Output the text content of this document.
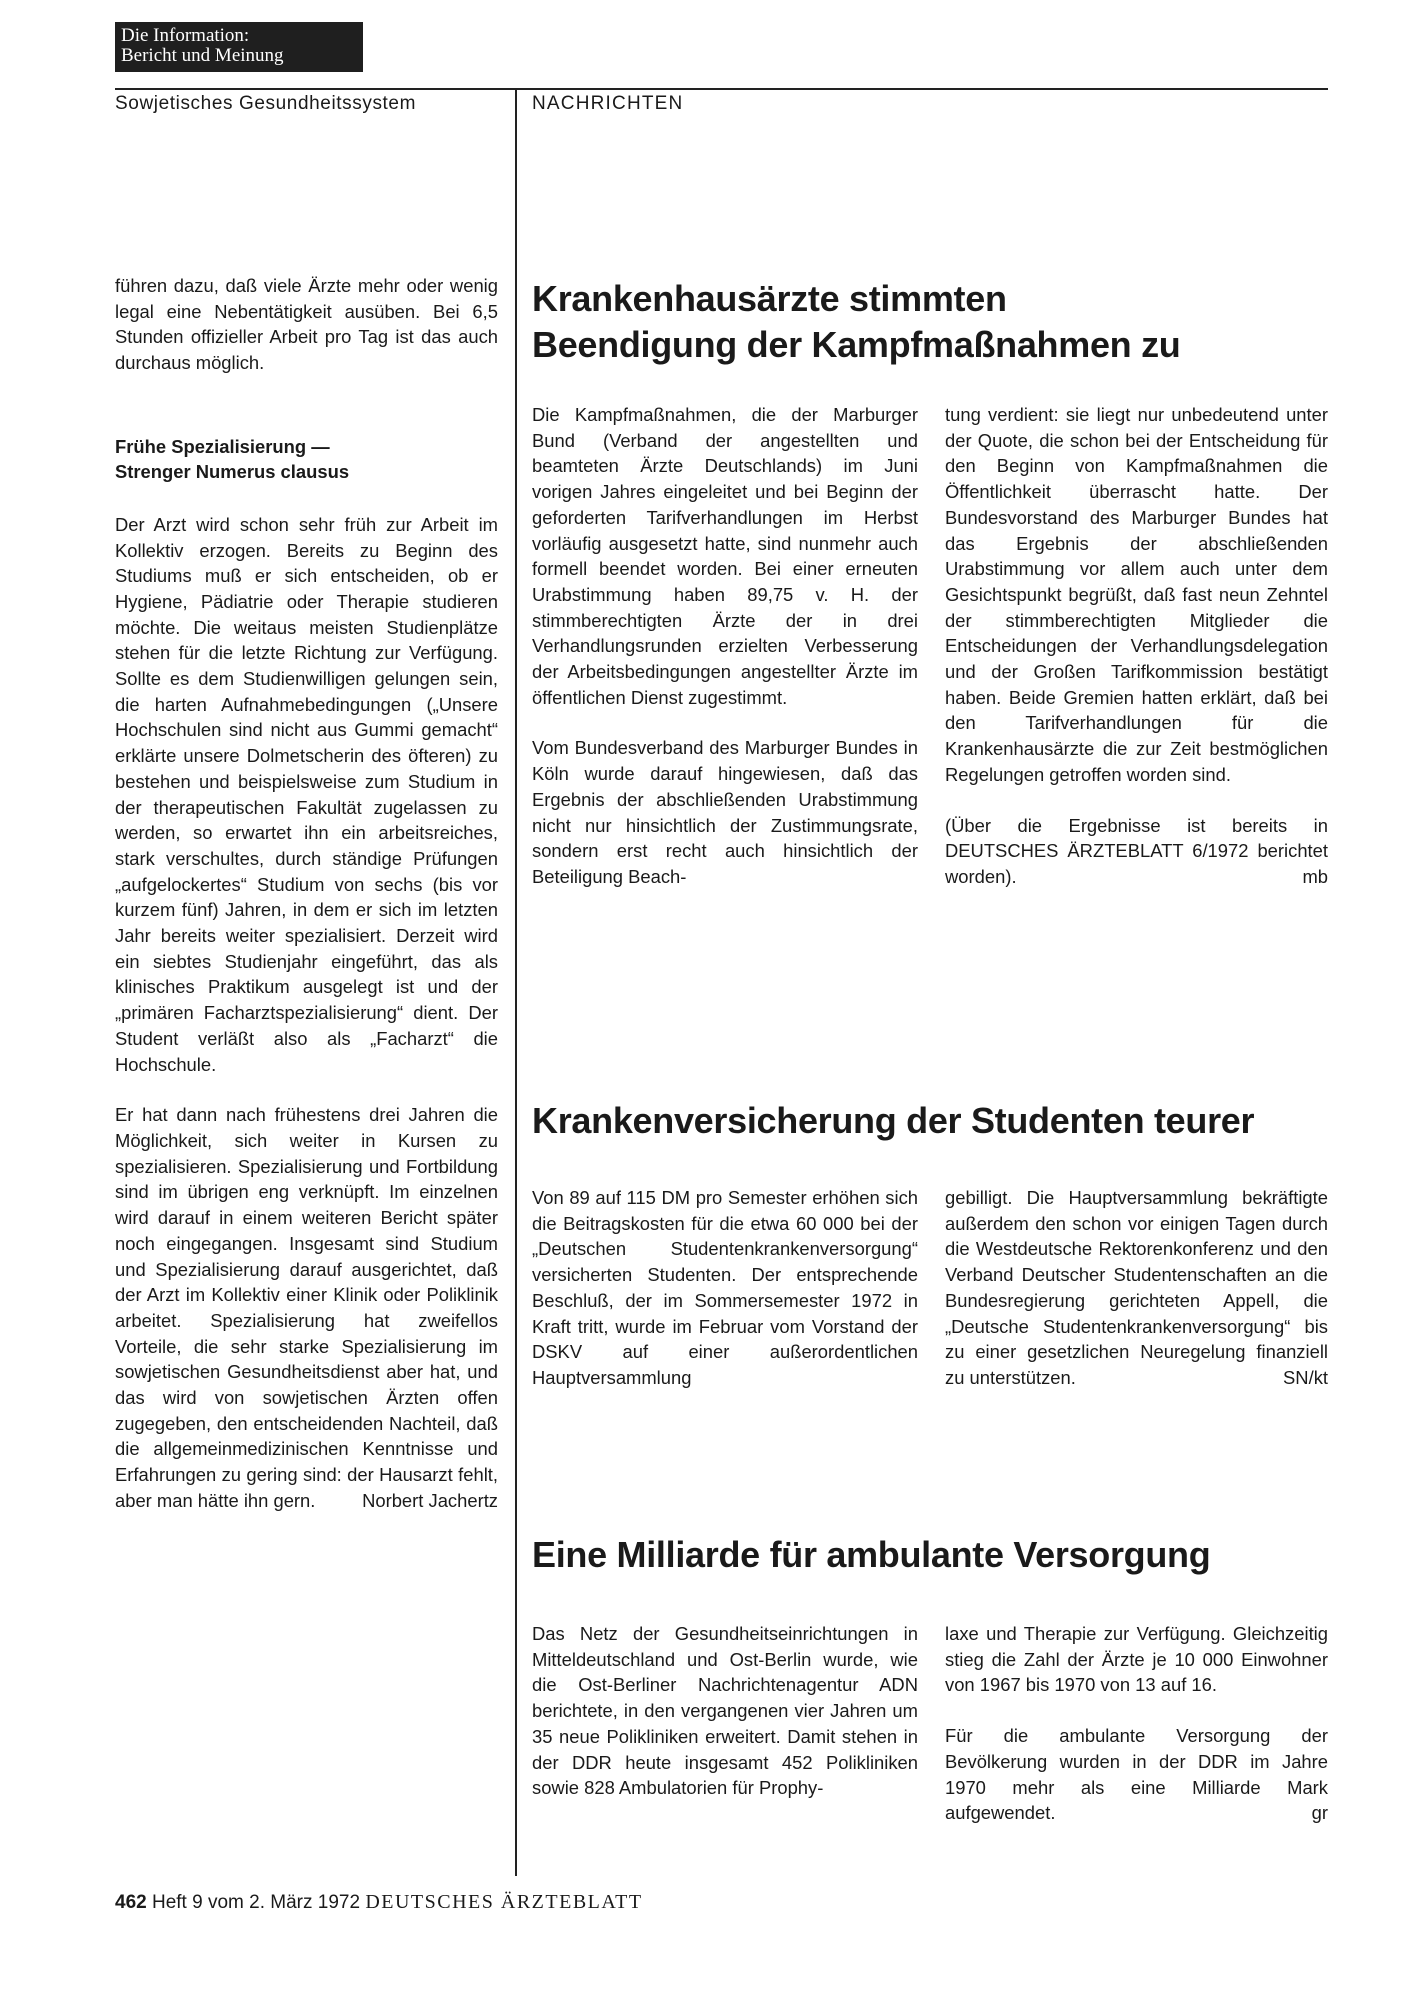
Die Information:
Bericht und Meinung
Sowjetisches Gesundheitssystem	NACHRICHTEN

führen dazu, daß viele Ärzte mehr oder wenig legal eine Nebentätigkeit ausüben. Bei 6,5 Stunden offizieller Arbeit pro Tag ist das auch durchaus möglich.

Frühe Spezialisierung —
Strenger Numerus clausus

Der Arzt wird schon sehr früh zur Arbeit im Kollektiv erzogen. Bereits zu Beginn des Studiums muß er sich entscheiden, ob er Hygiene, Pädiatrie oder Therapie studieren möchte. Die weitaus meisten Studienplätze stehen für die letzte Richtung zur Verfügung. Sollte es dem Studienwilligen gelungen sein, die harten Aufnahmebedingungen („Unsere Hochschulen sind nicht aus Gummi gemacht“ erklärte unsere Dolmetscherin des öfteren) zu bestehen und beispielsweise zum Studium in der therapeutischen Fakultät zugelassen zu werden, so erwartet ihn ein arbeitsreiches, stark verschultes, durch ständige Prüfungen „aufgelockertes“ Studium von sechs (bis vor kurzem fünf) Jahren, in dem er sich im letzten Jahr bereits weiter spezialisiert. Derzeit wird ein siebtes Studienjahr eingeführt, das als klinisches Praktikum ausgelegt ist und der „primären Facharztspezialisierung“ dient. Der Student verläßt also als „Facharzt“ die Hochschule.

Er hat dann nach frühestens drei Jahren die Möglichkeit, sich weiter in Kursen zu spezialisieren. Spezialisierung und Fortbildung sind im übrigen eng verknüpft. Im einzelnen wird darauf in einem weiteren Bericht später noch eingegangen. Insgesamt sind Studium und Spezialisierung darauf ausgerichtet, daß der Arzt im Kollektiv einer Klinik oder Poliklinik arbeitet. Spezialisierung hat zweifellos Vorteile, die sehr starke Spezialisierung im sowjetischen Gesundheitsdienst aber hat, und das wird von sowjetischen Ärzten offen zugegeben, den entscheidenden Nachteil, daß die allgemeinmedizinischen Kenntnisse und Erfahrungen zu gering sind: der Hausarzt fehlt, aber man hätte ihn gern.	Norbert Jachertz

Krankenhausärzte stimmten
Beendigung der Kampfmaßnahmen zu

Die Kampfmaßnahmen, die der Marburger Bund (Verband der angestellten und beamteten Ärzte Deutschlands) im Juni vorigen Jahres eingeleitet und bei Beginn der geforderten Tarifverhandlungen im Herbst vorläufig ausgesetzt hatte, sind nunmehr auch formell beendet worden. Bei einer erneuten Urabstimmung haben 89,75 v. H. der stimmberechtigten Ärzte der in drei Verhandlungsrunden erzielten Verbesserung der Arbeitsbedingungen angestellter Ärzte im öffentlichen Dienst zugestimmt.

Vom Bundesverband des Marburger Bundes in Köln wurde darauf hingewiesen, daß das Ergebnis der abschließenden Urabstimmung nicht nur hinsichtlich der Zustimmungsrate, sondern erst recht auch hinsichtlich der Beteiligung Beach-

tung verdient: sie liegt nur unbedeutend unter der Quote, die schon bei der Entscheidung für den Beginn von Kampfmaßnahmen die Öffentlichkeit überrascht hatte. Der Bundesvorstand des Marburger Bundes hat das Ergebnis der abschließenden Urabstimmung vor allem auch unter dem Gesichtspunkt begrüßt, daß fast neun Zehntel der stimmberechtigten Mitglieder die Entscheidungen der Verhandlungsdelegation und der Großen Tarifkommission bestätigt haben. Beide Gremien hatten erklärt, daß bei den Tarifverhandlungen für die Krankenhausärzte die zur Zeit bestmöglichen Regelungen getroffen worden sind.

(Über die Ergebnisse ist bereits in DEUTSCHES ÄRZTEBLATT 6/1972 berichtet worden).	mb

Krankenversicherung der Studenten teurer

Von 89 auf 115 DM pro Semester erhöhen sich die Beitragskosten für die etwa 60 000 bei der „Deutschen Studentenkrankenversorgung“ versicherten Studenten. Der entsprechende Beschluß, der im Sommersemester 1972 in Kraft tritt, wurde im Februar vom Vorstand der DSKV auf einer außerordentlichen Hauptversammlung

gebilligt. Die Hauptversammlung bekräftigte außerdem den schon vor einigen Tagen durch die Westdeutsche Rektorenkonferenz und den Verband Deutscher Studentenschaften an die Bundesregierung gerichteten Appell, die „Deutsche Studentenkrankenversorgung“ bis zu einer gesetzlichen Neuregelung finanziell zu unterstützen.	SN/kt

Eine Milliarde für ambulante Versorgung

Das Netz der Gesundheitseinrichtungen in Mitteldeutschland und Ost-Berlin wurde, wie die Ost-Berliner Nachrichtenagentur ADN berichtete, in den vergangenen vier Jahren um 35 neue Polikliniken erweitert. Damit stehen in der DDR heute insgesamt 452 Polikliniken sowie 828 Ambulatorien für Prophy-

laxe und Therapie zur Verfügung. Gleichzeitig stieg die Zahl der Ärzte je 10 000 Einwohner von 1967 bis 1970 von 13 auf 16.

Für die ambulante Versorgung der Bevölkerung wurden in der DDR im Jahre 1970 mehr als eine Milliarde Mark aufgewendet.	gr

462 Heft 9 vom 2. März 1972 DEUTSCHES ÄRZTEBLATT
